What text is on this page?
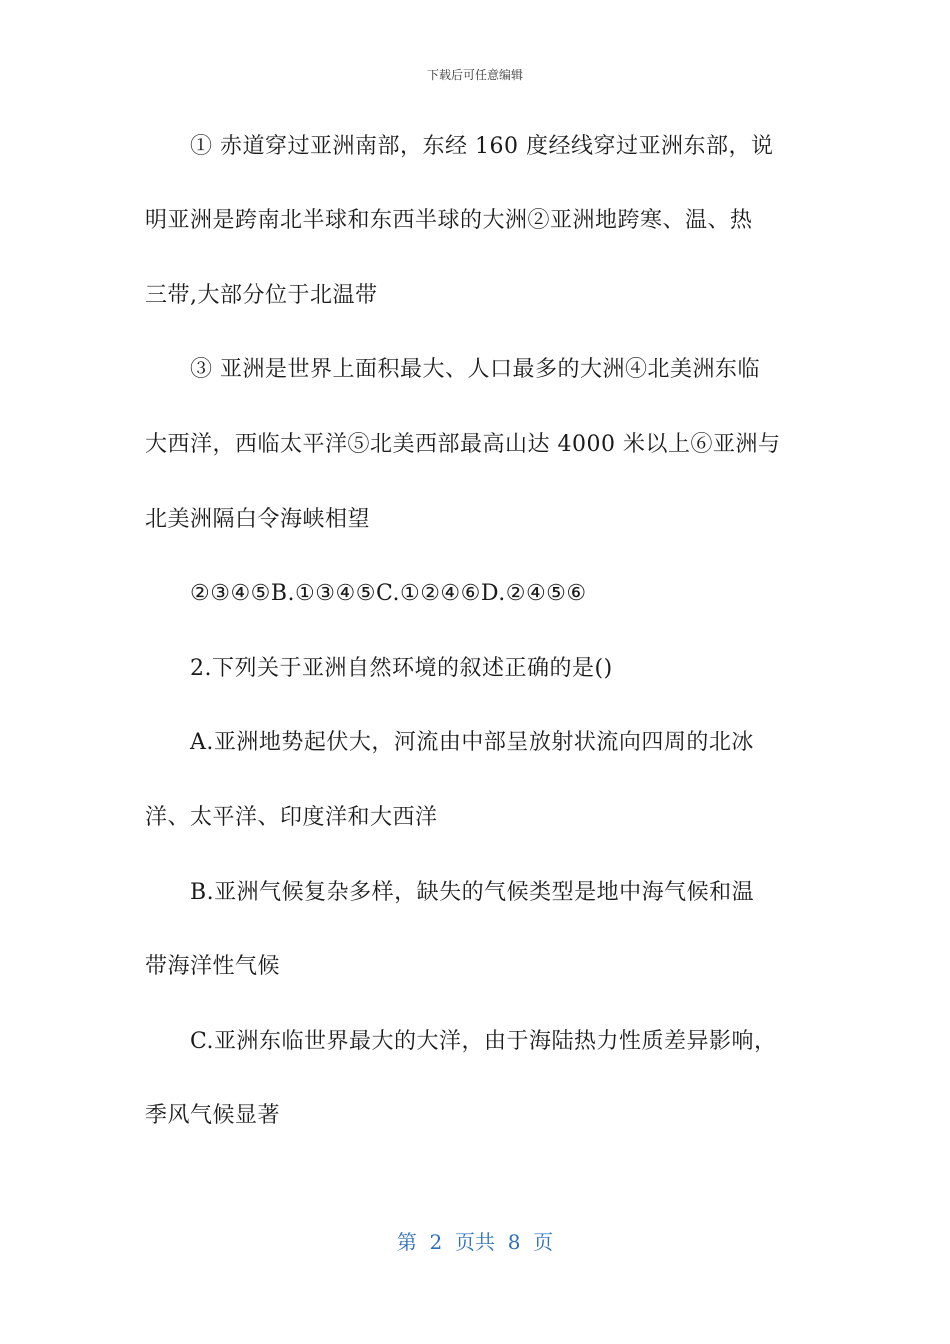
下载后可任意编辑
① 赤道穿过亚洲南部，东经 160 度经线穿过亚洲东部，说
明亚洲是跨南北半球和东西半球的大洲②亚洲地跨寒、温、热
三带,大部分位于北温带
③ 亚洲是世界上面积最大、人口最多的大洲④北美洲东临
大西洋，西临太平洋⑤北美西部最高山达 4000 米以上⑥亚洲与
北美洲隔白令海峡相望
②③④⑤B.①③④⑤C.①②④⑥D.②④⑤⑥
2.下列关于亚洲自然环境的叙述正确的是()
A.亚洲地势起伏大，河流由中部呈放射状流向四周的北冰
洋、太平洋、印度洋和大西洋
B.亚洲气候复杂多样，缺失的气候类型是地中海气候和温
带海洋性气候
C.亚洲东临世界最大的大洋，由于海陆热力性质差异影响，
季风气候显著
第  2  页共  8  页
